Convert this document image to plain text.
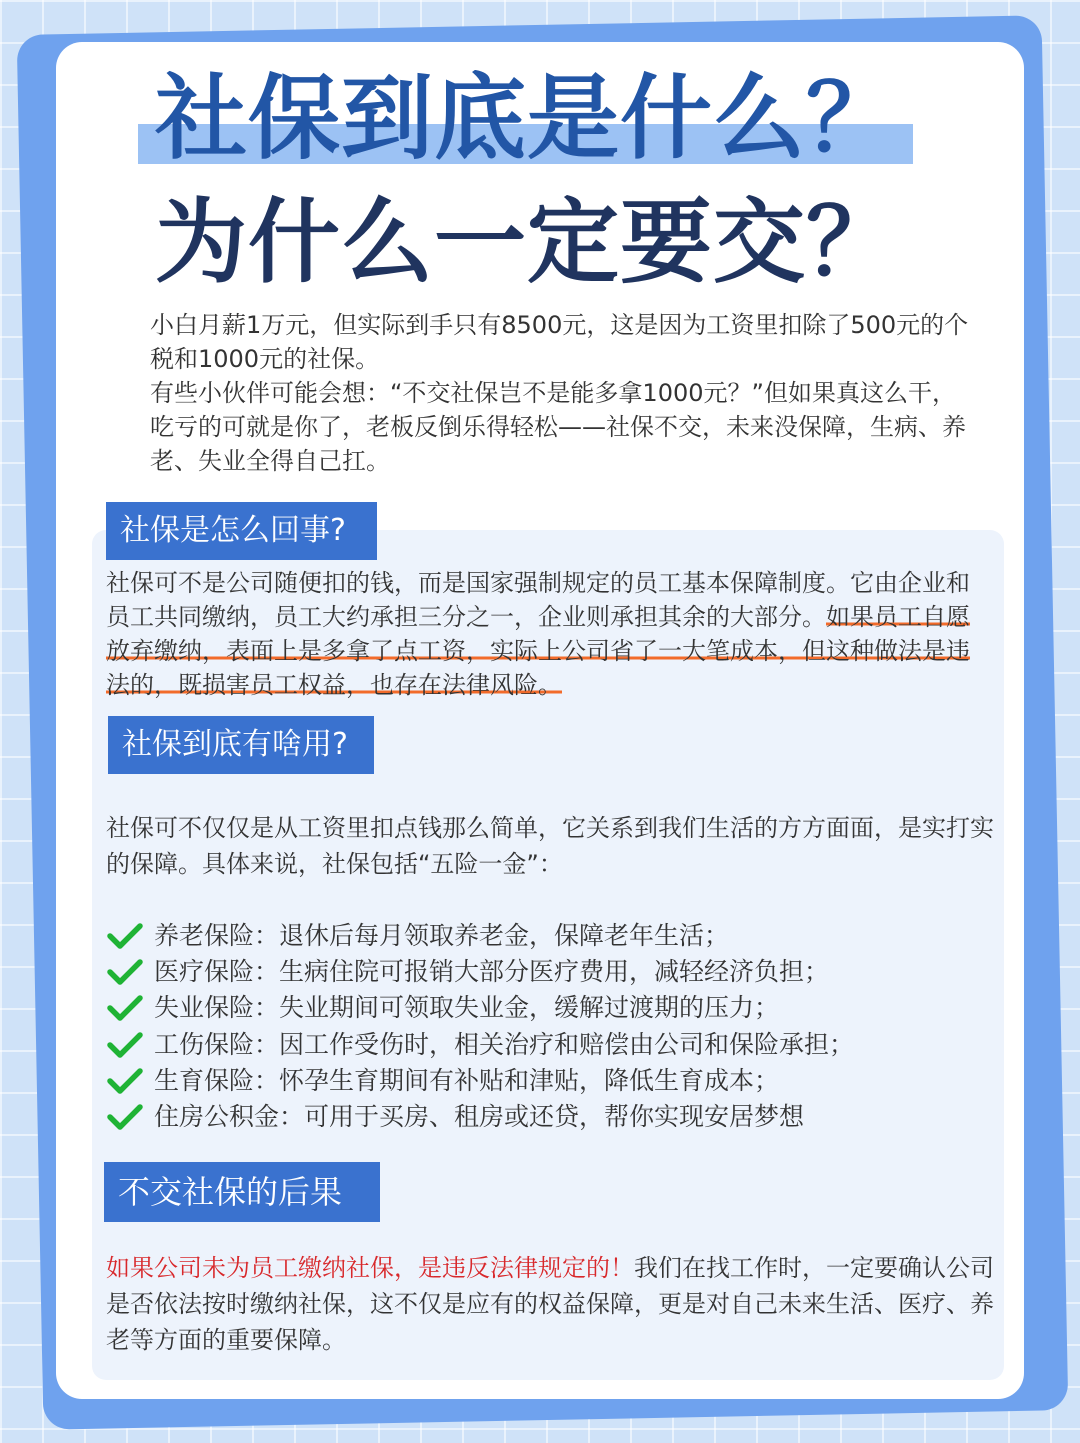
社保到底是什么？
为什么一定要交？

小白月薪1万元，但实际到手只有8500元，这是因为工资里扣除了500元的个税和1000元的社保。

有些小伙伴可能会想：“不交社保岂不是能多拿1000元？”但如果真这么干，吃亏的可就是你了，老板反倒乐得轻松——社保不交，未来没保障，生病、养老、失业全得自己扛。

社保是怎么回事?
社保可不是公司随便扣的钱，而是国家强制规定的员工基本保障制度。它由企业和员工共同缴纳，员工大约承担三分之一，企业则承担其余的大部分。如果员工自愿放弃缴纳，表面上是多拿了点工资，实际上公司省了一大笔成本，但这种做法是违法的，既损害员工权益，也存在法律风险。
社保到底有啥用?
社保可不仅仅是从工资里扣点钱那么简单，它关系到我们生活的方方面面，是实打实的保障。具体来说，社保包括“五险一金”：
养老保险：退休后每月领取养老金，保障老年生活；
医疗保险：生病住院可报销大部分医疗费用，减轻经济负担；
失业保险：失业期间可领取失业金，缓解过渡期的压力；
工伤保险：因工作受伤时，相关治疗和赔偿由公司和保险承担；
生育保险：怀孕生育期间有补贴和津贴，降低生育成本；
住房公积金：可用于买房、租房或还贷，帮你实现安居梦想
不交社保的后果
如果公司未为员工缴纳社保，是违反法律规定的！我们在找工作时，一定要确认公司是否依法按时缴纳社保，这不仅是应有的权益保障，更是对自己未来生活、医疗、养老等方面的重要保障。
